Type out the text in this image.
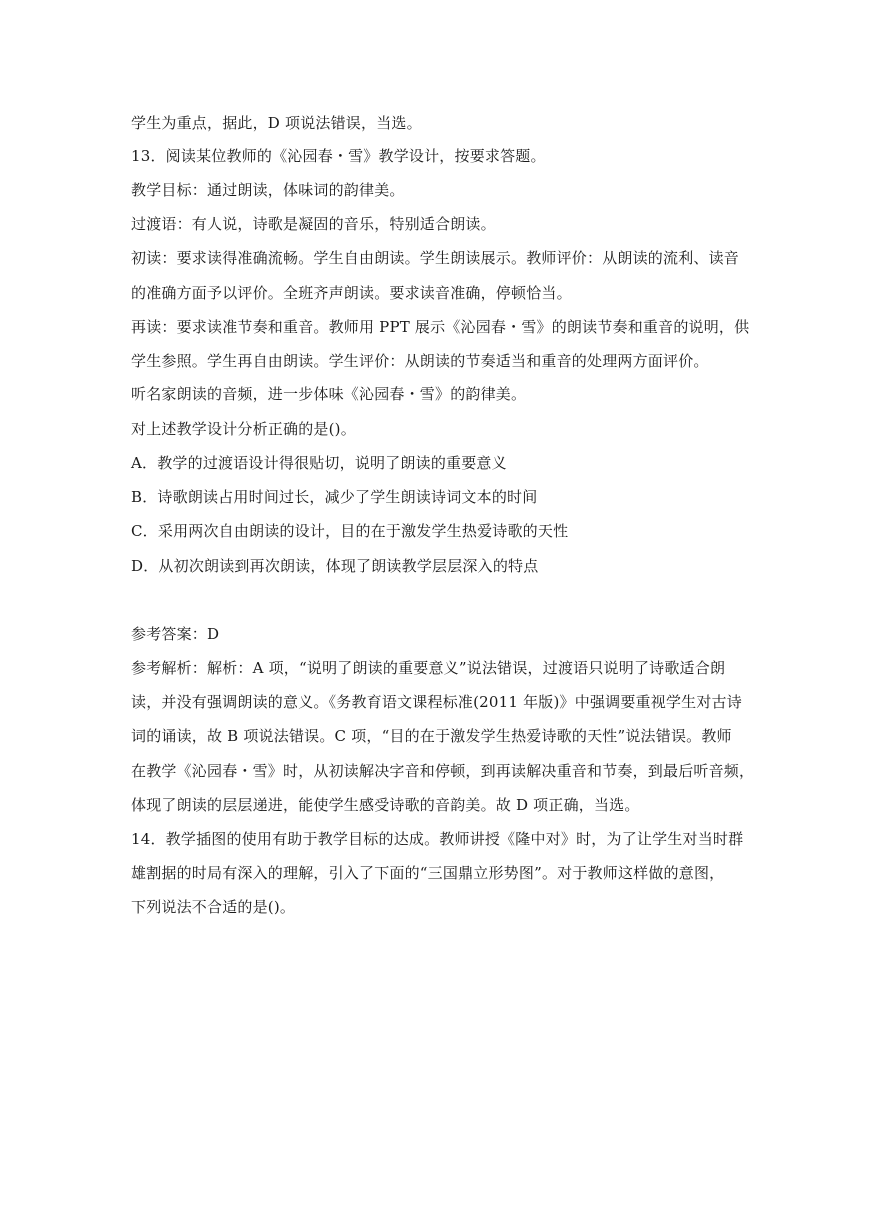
学生为重点，据此，D 项说法错误，当选。
13．阅读某位教师的《沁园春・雪》教学设计，按要求答题。
教学目标：通过朗读，体味词的韵律美。
过渡语：有人说，诗歌是凝固的音乐，特别适合朗读。
初读：要求读得准确流畅。学生自由朗读。学生朗读展示。教师评价：从朗读的流利、读音
的准确方面予以评价。全班齐声朗读。要求读音准确，停顿恰当。
再读：要求读准节奏和重音。教师用 PPT 展示《沁园春・雪》的朗读节奏和重音的说明，供
学生参照。学生再自由朗读。学生评价：从朗读的节奏适当和重音的处理两方面评价。
听名家朗读的音频，进一步体味《沁园春・雪》的韵律美。
对上述教学设计分析正确的是()。
A．教学的过渡语设计得很贴切，说明了朗读的重要意义
B．诗歌朗读占用时间过长，减少了学生朗读诗词文本的时间
C．采用两次自由朗读的设计，目的在于激发学生热爱诗歌的天性
D．从初次朗读到再次朗读，体现了朗读教学层层深入的特点
参考答案：D
参考解析：解析：A 项，“说明了朗读的重要意义”说法错误，过渡语只说明了诗歌适合朗
读，并没有强调朗读的意义。《务教育语文课程标准(2011 年版)》中强调要重视学生对古诗
词的诵读，故 B 项说法错误。C 项，“目的在于激发学生热爱诗歌的天性”说法错误。教师
在教学《沁园春・雪》时，从初读解决字音和停顿，到再读解决重音和节奏，到最后听音频，
体现了朗读的层层递进，能使学生感受诗歌的音韵美。故 D 项正确，当选。
14．教学插图的使用有助于教学目标的达成。教师讲授《隆中对》时，为了让学生对当时群
雄割据的时局有深入的理解，引入了下面的“三国鼎立形势图”。对于教师这样做的意图，
下列说法不合适的是()。
